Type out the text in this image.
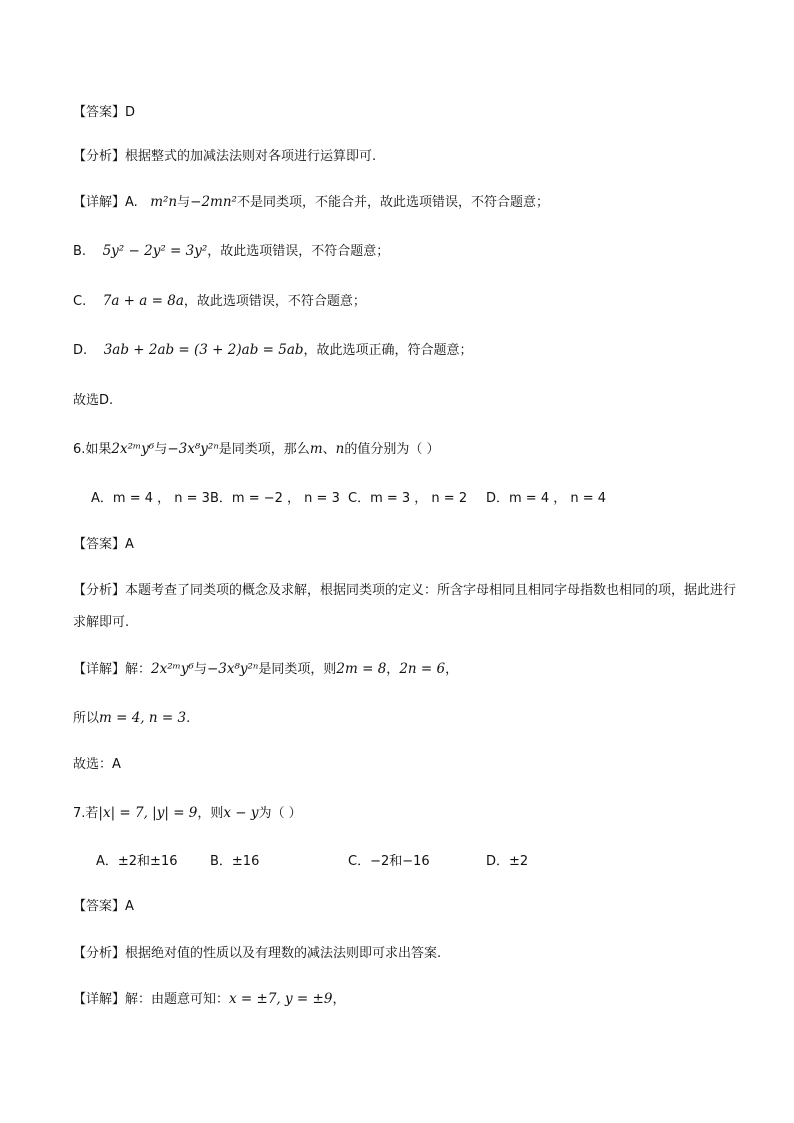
【答案】D
【分析】根据整式的加减法法则对各项进行运算即可.
【详解】A. m²n与−2mn²不是同类项，不能合并，故此选项错误，不符合题意；
B. 5y² − 2y² = 3y²，故此选项错误，不符合题意；
C. 7a + a = 8a，故此选项错误，不符合题意；
D. 3ab + 2ab = (3 + 2)ab = 5ab，故此选项正确，符合题意；
故选D.
6.如果2x²ᵐy⁶与−3x⁸y²ⁿ是同类项，那么m、n的值分别为（ ）
A．m = 4 ， n = 3 B．m = −2 ， n = 3 C．m = 3 ， n = 2 D．m = 4 ， n = 4
【答案】A
【分析】本题考查了同类项的概念及求解，根据同类项的定义：所含字母相同且相同字母指数也相同的项，据此进行求解即可.
【详解】解：2x²ᵐy⁶与−3x⁸y²ⁿ是同类项，则2m = 8，2n = 6，
所以m = 4, n = 3.
故选：A
7.若|x| = 7, |y| = 9，则x − y为（ ）
A．±2和±16	B．±16	C．−2和−16	D．±2
【答案】A
【分析】根据绝对值的性质以及有理数的减法法则即可求出答案.
【详解】解：由题意可知：x = ±7, y = ±9，
